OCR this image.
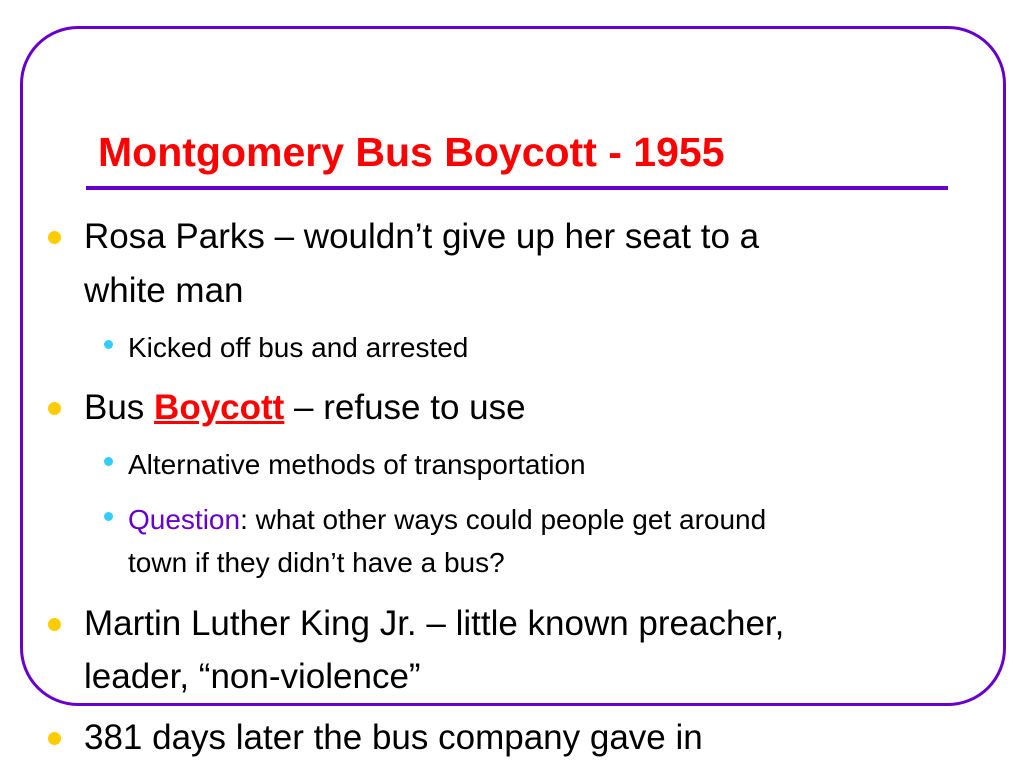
Montgomery Bus Boycott - 1955

Rosa Parks – wouldn’t give up her seat to a

white man

Kicked off bus and arrested

Bus Boycott – refuse to use

Alternative methods of transportation

Question: what other ways could people get around

town if they didn’t have a bus?

Martin Luther King Jr. – little known preacher,

leader, “non-violence”

381 days later the bus company gave in
